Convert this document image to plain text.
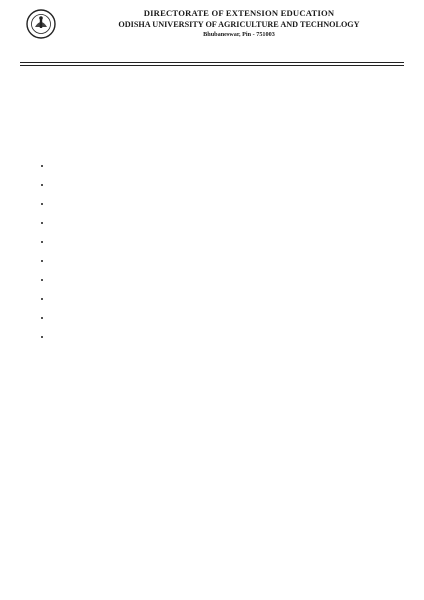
DIRECTORATE OF EXTENSION EDUCATION
ODISHA UNIVERSITY OF AGRICULTURE AND TECHNOLOGY
Bhubaneswar, Pin - 751003
•
•
•
•
•
•
•
•
•
•
